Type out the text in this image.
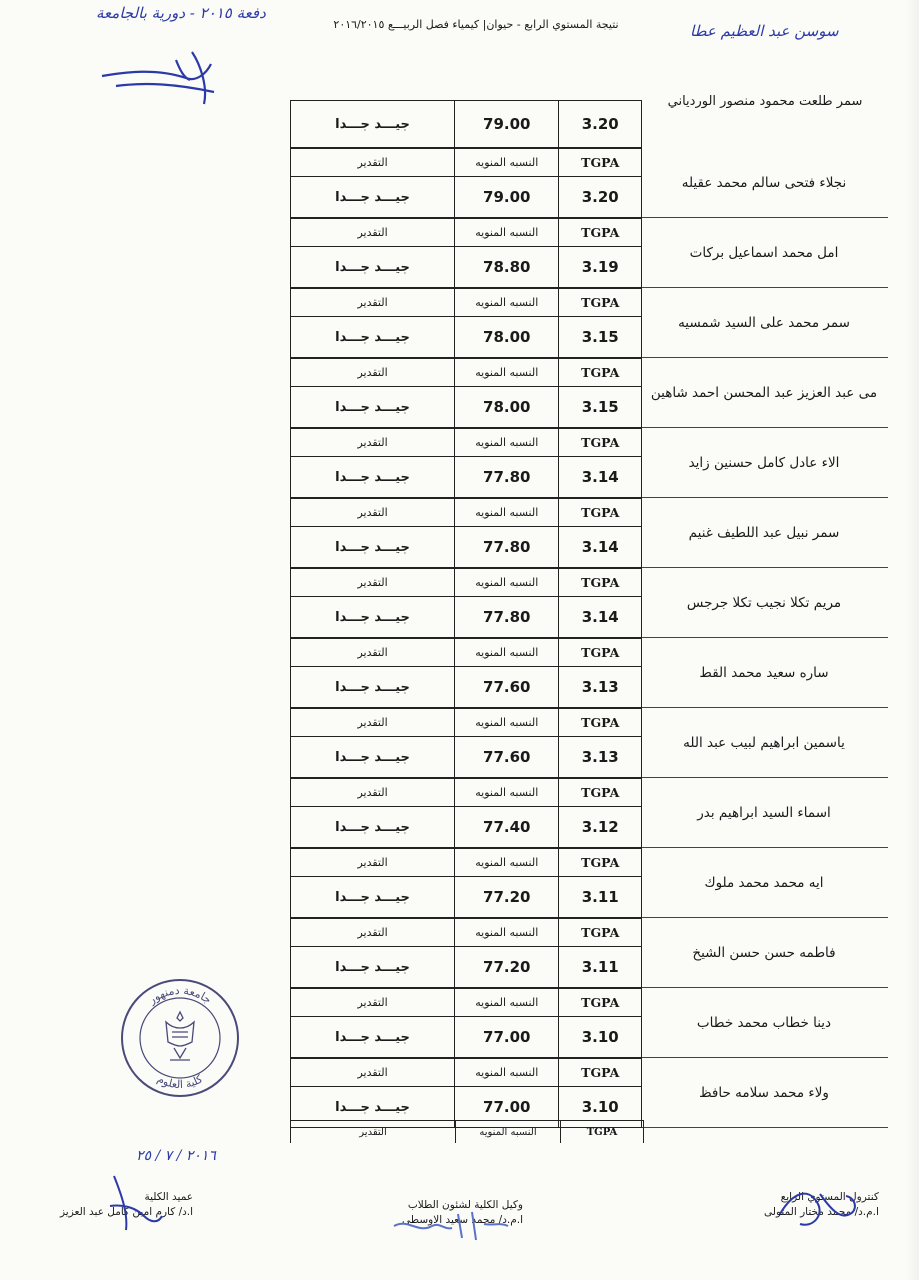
دفعة ٢٠١٥ - دورية بالجامعة
نتيجة المستوي الرابع - حيوان| كيمياء فصل الربيـــع ٢٠١٦/٢٠١٥	سوسن عبد العظيم عطا
جيـــد جـــدا	79.00	3.20
سمر طلعت محمود منصور الوردياني
نجلاء فتحى سالم محمد عقيله
التقدير	النسبه المنويه	TGPA
جيـــد جـــدا	79.00	3.20
امل محمد اسماعيل بركات
التقدير	النسبه المنويه	TGPA
جيـــد جـــدا	78.80	3.19
سمر محمد على السيد شمسيه
التقدير	النسبه المنويه	TGPA
جيـــد جـــدا	78.00	3.15
مى عبد العزيز عبد المحسن احمد شاهين
التقدير	النسبه المنويه	TGPA
جيـــد جـــدا	78.00	3.15
الاء عادل كامل حسنين زايد
التقدير	النسبه المنويه	TGPA
جيـــد جـــدا	77.80	3.14
سمر نبيل عبد اللطيف غنيم
التقدير	النسبه المنويه	TGPA
جيـــد جـــدا	77.80	3.14
مريم تكلا نجيب تكلا جرجس
التقدير	النسبه المنويه	TGPA
جيـــد جـــدا	77.80	3.14
ساره سعيد محمد القط
التقدير	النسبه المنويه	TGPA
جيـــد جـــدا	77.60	3.13
ياسمين ابراهيم لبيب عبد الله
التقدير	النسبه المنويه	TGPA
جيـــد جـــدا	77.60	3.13
اسماء السيد ابراهيم بدر
التقدير	النسبه المنويه	TGPA
جيـــد جـــدا	77.40	3.12
ايه محمد محمد ملوك
التقدير	النسبه المنويه	TGPA
جيـــد جـــدا	77.20	3.11
فاطمه حسن حسن الشيخ
التقدير	النسبه المنويه	TGPA
جيـــد جـــدا	77.20	3.11
دينا خطاب محمد خطاب
التقدير	النسبه المنويه	TGPA
جيـــد جـــدا	77.00	3.10
ولاء محمد سلامه حافظ
التقدير	النسبه المنويه	TGPA
جيـــد جـــدا	77.00	3.10
التقدير	النسبه المنويه	TGPA
جامعة دمنهور
كلية العلوم
٢٠١٦ / ٧ / ٢٥
عميد الكلية
ا.د/ كارم امين كامل عبد العزيز
وكيل الكلية لشئون الطلاب
ا.م.د/ محمد سعيد الاوسطى
كنترول المستوي الرابع
ا.م.د/ محمد مختار المتولى
